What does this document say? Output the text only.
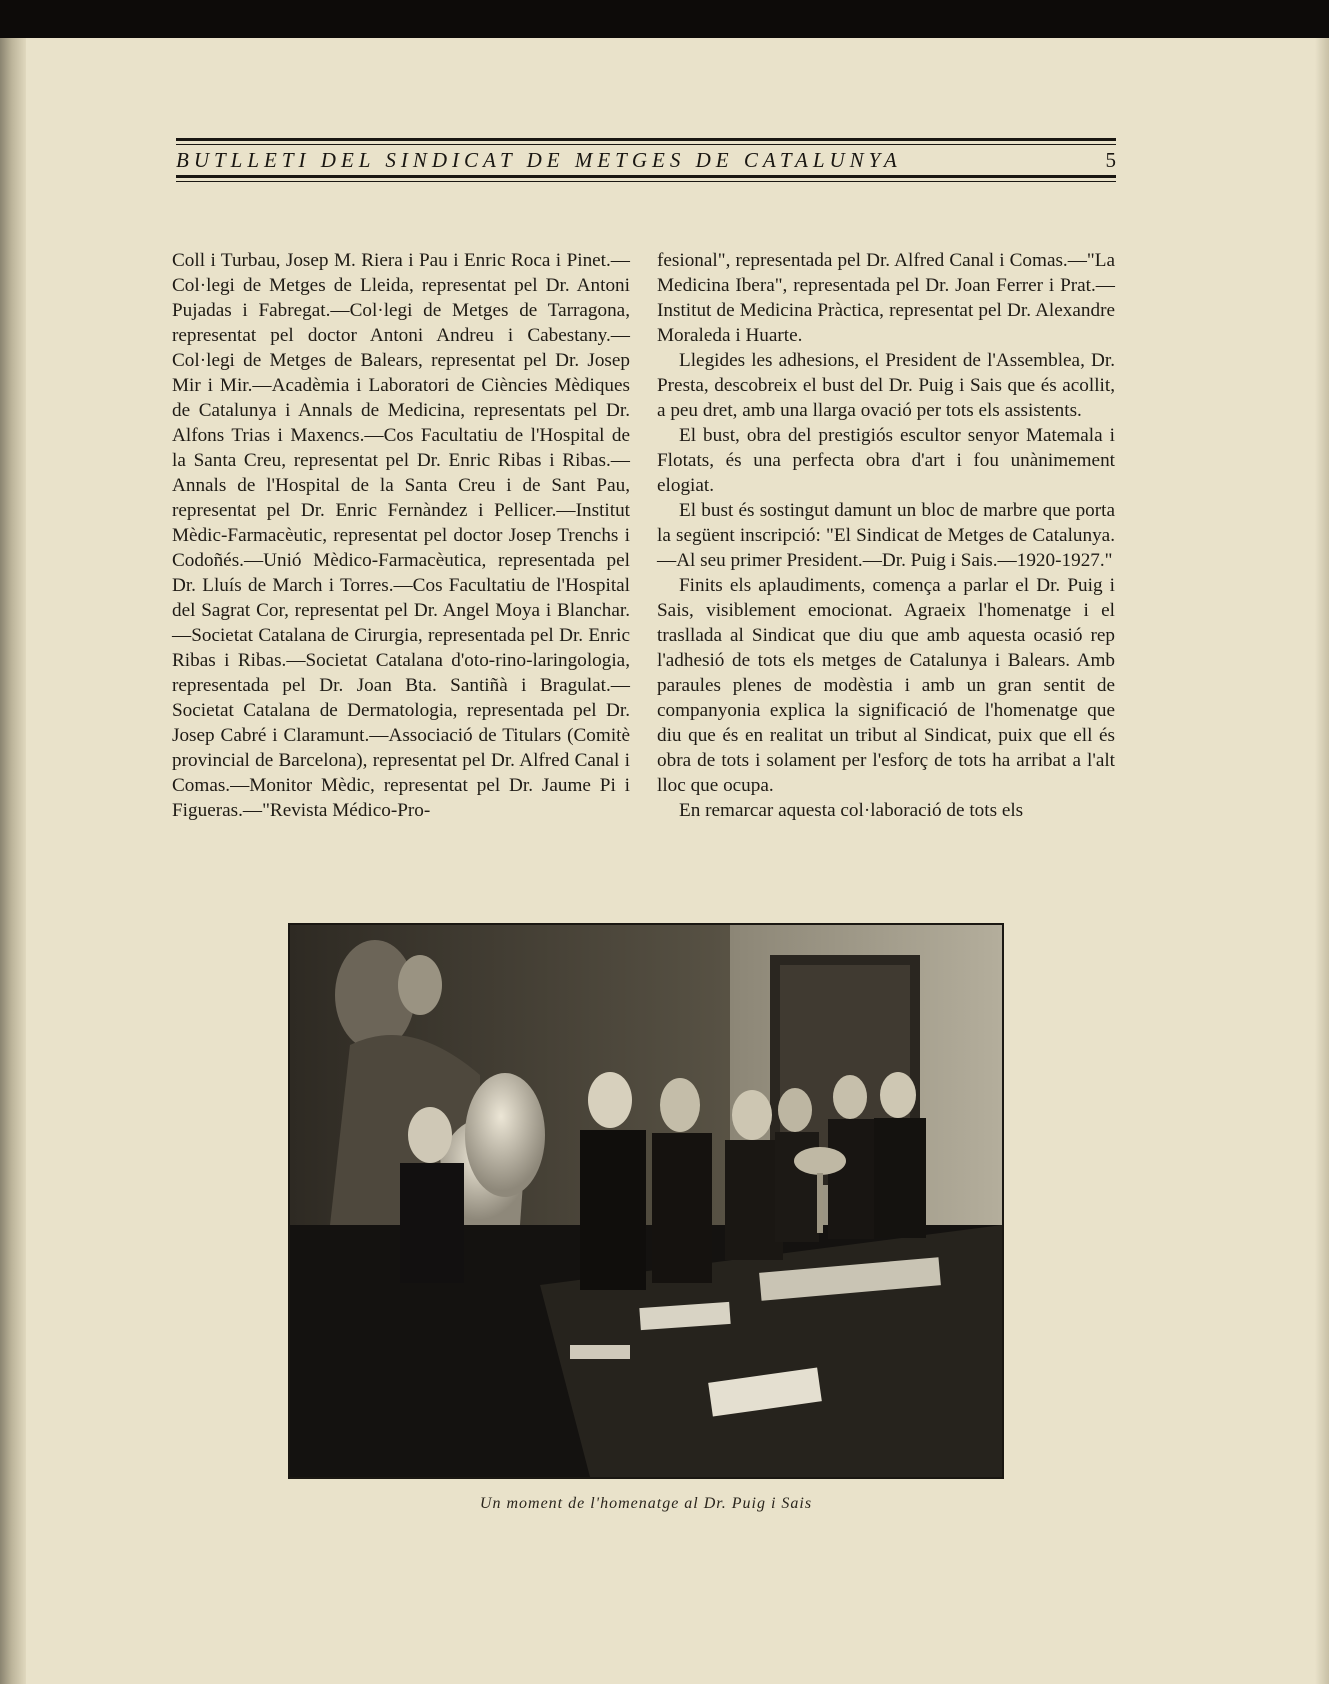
BUTLLETI DEL SINDICAT DE METGES DE CATALUNYA	5

Coll i Turbau, Josep M. Riera i Pau i Enric Roca i Pinet.—Col·legi de Metges de Lleida, representat pel Dr. Antoni Pujadas i Fabregat.—Col·legi de Metges de Tarragona, representat pel doctor Antoni Andreu i Cabestany.—Col·legi de Metges de Balears, representat pel Dr. Josep Mir i Mir.—Acadèmia i Laboratori de Ciències Mèdiques de Catalunya i Annals de Medicina, representats pel Dr. Alfons Trias i Maxencs.—Cos Facultatiu de l'Hospital de la Santa Creu, representat pel Dr. Enric Ribas i Ribas.—Annals de l'Hospital de la Santa Creu i de Sant Pau, representat pel Dr. Enric Fernàndez i Pellicer.—Institut Mèdic-Farmacèutic, representat pel doctor Josep Trenchs i Codoñés.—Unió Mèdico-Farmacèutica, representada pel Dr. Lluís de March i Torres.—Cos Facultatiu de l'Hospital del Sagrat Cor, representat pel Dr. Angel Moya i Blanchar.—Societat Catalana de Cirurgia, representada pel Dr. Enric Ribas i Ribas.—Societat Catalana d'oto-rino-laringologia, representada pel Dr. Joan Bta. Santiñà i Bragulat.—Societat Catalana de Dermatologia, representada pel Dr. Josep Cabré i Claramunt.—Associació de Titulars (Comitè provincial de Barcelona), representat pel Dr. Alfred Canal i Comas.—Monitor Mèdic, representat pel Dr. Jaume Pi i Figueras.—"Revista Médico-Pro-

fesional", representada pel Dr. Alfred Canal i Comas.—"La Medicina Ibera", representada pel Dr. Joan Ferrer i Prat.—Institut de Medicina Pràctica, representat pel Dr. Alexandre Moraleda i Huarte.

Llegides les adhesions, el President de l'Assemblea, Dr. Presta, descobreix el bust del Dr. Puig i Sais que és acollit, a peu dret, amb una llarga ovació per tots els assistents.

El bust, obra del prestigiós escultor senyor Matemala i Flotats, és una perfecta obra d'art i fou unànimement elogiat.

El bust és sostingut damunt un bloc de marbre que porta la següent inscripció: "El Sindicat de Metges de Catalunya.—Al seu primer President.—Dr. Puig i Sais.—1920-1927."

Finits els aplaudiments, comença a parlar el Dr. Puig i Sais, visiblement emocionat. Agraeix l'homenatge i el trasllada al Sindicat que diu que amb aquesta ocasió rep l'adhesió de tots els metges de Catalunya i Balears. Amb paraules plenes de modèstia i amb un gran sentit de companyonia explica la significació de l'homenatge que diu que és en realitat un tribut al Sindicat, puix que ell és obra de tots i solament per l'esforç de tots ha arribat a l'alt lloc que ocupa.

En remarcar aquesta col·laboració de tots els

Un moment de l'homenatge al Dr. Puig i Sais
